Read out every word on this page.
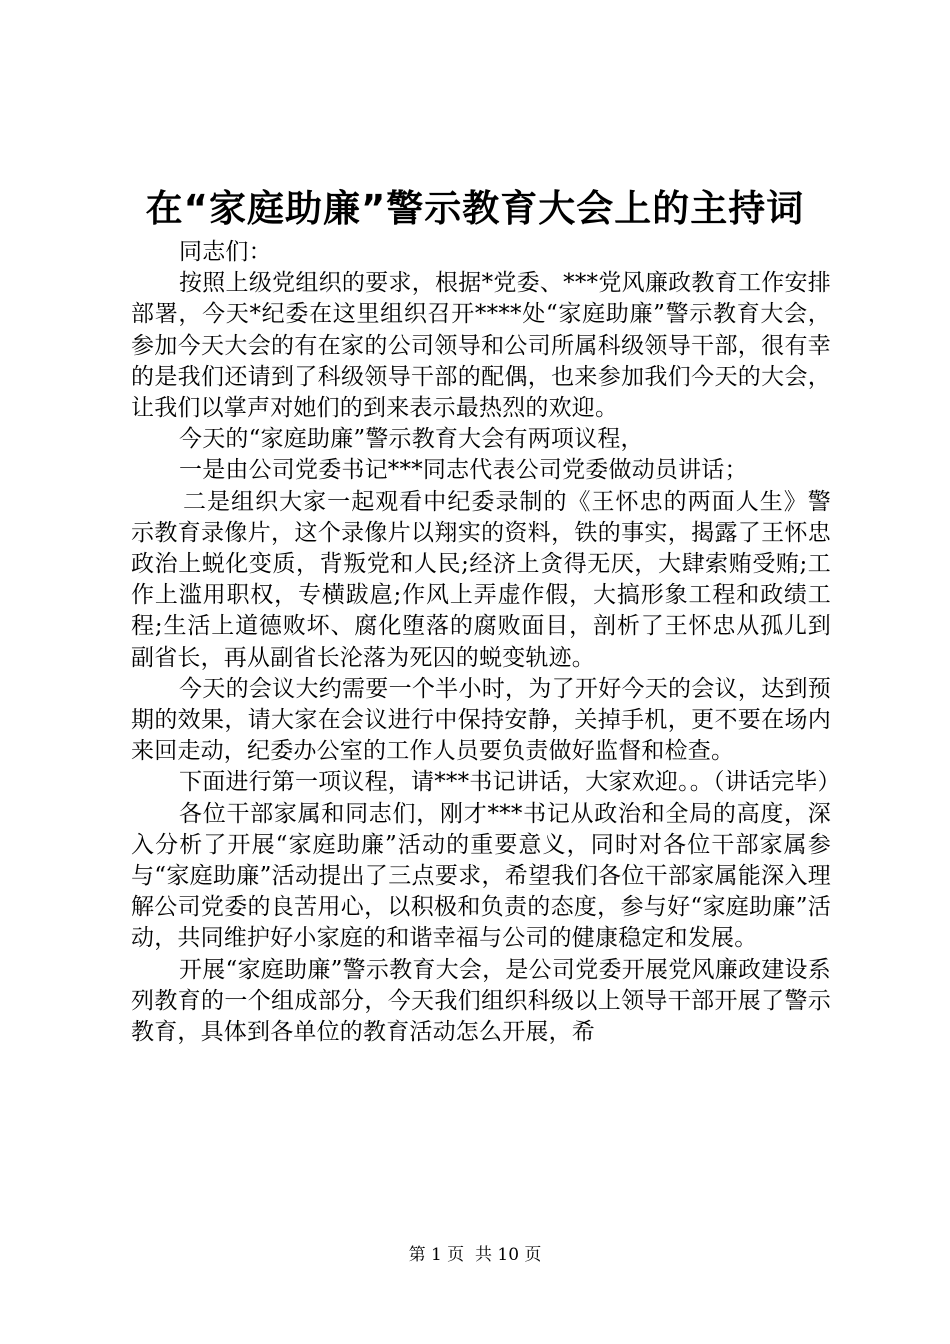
在“家庭助廉”警示教育大会上的主持词

同志们：

按照上级党组织的要求，根据*党委、***党风廉政教育工作安排部署，今天*纪委在这里组织召开****处“家庭助廉”警示教育大会，参加今天大会的有在家的公司领导和公司所属科级领导干部，很有幸的是我们还请到了科级领导干部的配偶，也来参加我们今天的大会，让我们以掌声对她们的到来表示最热烈的欢迎。

今天的“家庭助廉”警示教育大会有两项议程，

一是由公司党委书记***同志代表公司党委做动员讲话；

二是组织大家一起观看中纪委录制的《王怀忠的两面人生》警示教育录像片，这个录像片以翔实的资料，铁的事实，揭露了王怀忠政治上蜕化变质，背叛党和人民;经济上贪得无厌，大肆索贿受贿;工作上滥用职权，专横跋扈;作风上弄虚作假，大搞形象工程和政绩工程;生活上道德败坏、腐化堕落的腐败面目，剖析了王怀忠从孤儿到副省长，再从副省长沦落为死囚的蜕变轨迹。

今天的会议大约需要一个半小时，为了开好今天的会议，达到预期的效果，请大家在会议进行中保持安静，关掉手机，更不要在场内来回走动，纪委办公室的工作人员要负责做好监督和检查。

下面进行第一项议程，请***书记讲话，大家欢迎。。（讲话完毕）

各位干部家属和同志们，刚才***书记从政治和全局的高度，深入分析了开展“家庭助廉”活动的重要意义，同时对各位干部家属参与“家庭助廉”活动提出了三点要求，希望我们各位干部家属能深入理解公司党委的良苦用心，以积极和负责的态度，参与好“家庭助廉”活动，共同维护好小家庭的和谐幸福与公司的健康稳定和发展。

开展“家庭助廉”警示教育大会，是公司党委开展党风廉政建设系列教育的一个组成部分，今天我们组织科级以上领导干部开展了警示教育，具体到各单位的教育活动怎么开展，希

第 1 页  共 10 页
